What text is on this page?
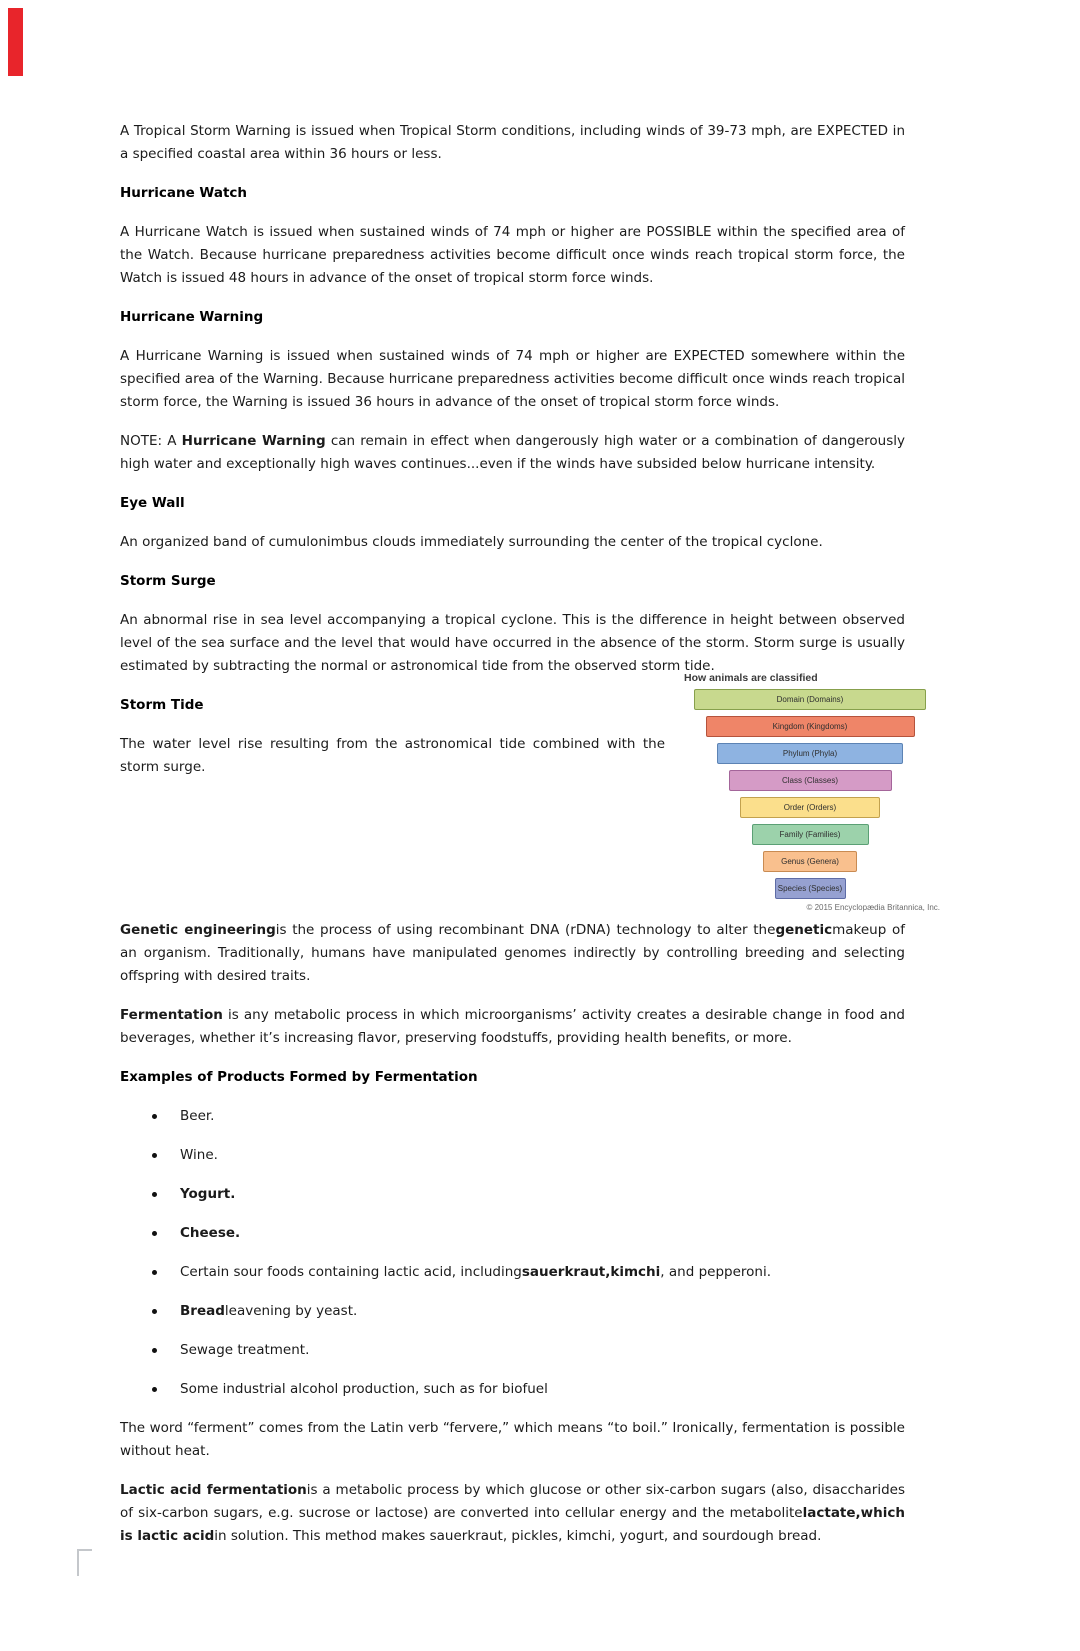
A Tropical Storm Warning is issued when Tropical Storm conditions, including winds of 39-73 mph, are EXPECTED in a specified coastal area within 36 hours or less.

Hurricane Watch

A Hurricane Watch is issued when sustained winds of 74 mph or higher are POSSIBLE within the specified area of the Watch. Because hurricane preparedness activities become difficult once winds reach tropical storm force, the Watch is issued 48 hours in advance of the onset of tropical storm force winds.

Hurricane Warning

A Hurricane Warning is issued when sustained winds of 74 mph or higher are EXPECTED somewhere within the specified area of the Warning. Because hurricane preparedness activities become difficult once winds reach tropical storm force, the Warning is issued 36 hours in advance of the onset of tropical storm force winds.

NOTE: A Hurricane Warning can remain in effect when dangerously high water or a combination of dangerously high water and exceptionally high waves continues...even if the winds have subsided below hurricane intensity.

Eye Wall

An organized band of cumulonimbus clouds immediately surrounding the center of the tropical cyclone.

Storm Surge

An abnormal rise in sea level accompanying a tropical cyclone. This is the difference in height between observed level of the sea surface and the level that would have occurred in the absence of the storm. Storm surge is usually estimated by subtracting the normal or astronomical tide from the observed storm tide.

Storm Tide

The water level rise resulting from the astronomical tide combined with the storm surge.

How animals are classified
Domain (Domains)
Kingdom (Kingdoms)
Phylum (Phyla)
Class (Classes)
Order (Orders)
Family (Families)
Genus (Genera)
Species (Species)
© 2015 Encyclopædia Britannica, Inc.

Genetic engineeringis the process of using recombinant DNA (rDNA) technology to alter thegeneticmakeup of an organism. Traditionally, humans have manipulated genomes indirectly by controlling breeding and selecting offspring with desired traits.

Fermentation is any metabolic process in which microorganisms’ activity creates a desirable change in food and beverages, whether it’s increasing flavor, preserving foodstuffs, providing health benefits, or more.

Examples of Products Formed by Fermentation
Beer.
Wine.
Yogurt.
Cheese.
Certain sour foods containing lactic acid, includingsauerkraut,kimchi, and pepperoni.
Breadleavening by yeast.
Sewage treatment.
Some industrial alcohol production, such as for biofuel

The word “ferment” comes from the Latin verb “fervere,” which means “to boil.” Ironically, fermentation is possible without heat.

Lactic acid fermentationis a metabolic process by which glucose or other six-carbon sugars (also, disaccharides of six-carbon sugars, e.g. sucrose or lactose) are converted into cellular energy and the metabolitelactate,which is lactic acidin solution. This method makes sauerkraut, pickles, kimchi, yogurt, and sourdough bread.
